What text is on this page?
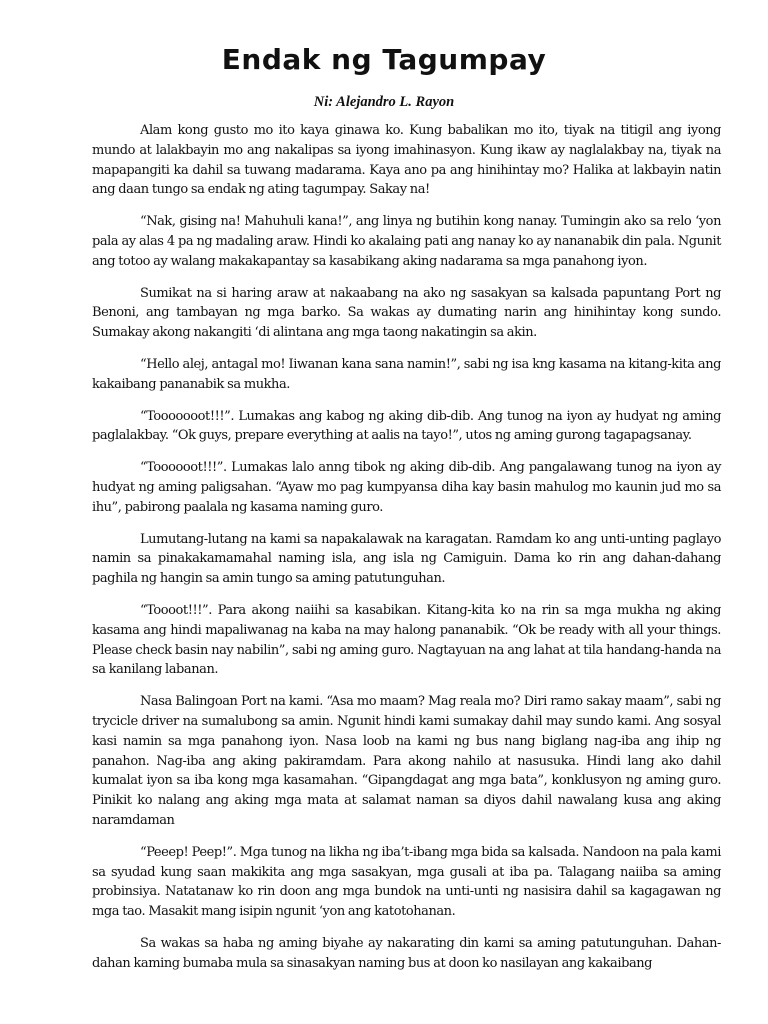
Endak ng Tagumpay

Ni: Alejandro L. Rayon

Alam kong gusto mo ito kaya ginawa ko. Kung babalikan mo ito, tiyak na titigil ang iyong mundo at lalakbayin mo ang nakalipas sa iyong imahinasyon. Kung ikaw ay naglalakbay na, tiyak na mapapangiti ka dahil sa tuwang madarama. Kaya ano pa ang hinihintay mo? Halika at lakbayin natin ang daan tungo sa endak ng ating tagumpay. Sakay na!

“Nak, gising na! Mahuhuli kana!”, ang linya ng butihin kong nanay. Tumingin ako sa relo ‘yon pala ay alas 4 pa ng madaling araw. Hindi ko akalaing pati ang nanay ko ay nananabik din pala. Ngunit ang totoo ay walang makakapantay sa kasabikang aking nadarama sa mga panahong iyon.

Sumikat na si haring araw at nakaabang na ako ng sasakyan sa kalsada papuntang Port ng Benoni, ang tambayan ng mga barko. Sa wakas ay dumating narin ang hinihintay kong sundo. Sumakay akong nakangiti ‘di alintana ang mga taong nakatingin sa akin.

“Hello alej, antagal mo! Iiwanan kana sana namin!”, sabi ng isa kng kasama na kitang-kita ang kakaibang pananabik sa mukha.

“Tooooooot!!!”. Lumakas ang kabog ng aking dib-dib. Ang tunog na iyon ay hudyat ng aming paglalakbay. “Ok guys, prepare everything at aalis na tayo!”, utos ng aming gurong tagapagsanay.

“Toooooot!!!”. Lumakas lalo anng tibok ng aking dib-dib. Ang pangalawang tunog na iyon ay hudyat ng aming paligsahan. “Ayaw mo pag kumpyansa diha kay basin mahulog mo kaunin jud mo sa ihu”, pabirong paalala ng kasama naming guro.

Lumutang-lutang na kami sa napakalawak na karagatan. Ramdam ko ang unti-unting paglayo namin sa pinakakamamahal naming isla, ang isla ng Camiguin. Dama ko rin ang dahan-dahang paghila ng hangin sa amin tungo sa aming patutunguhan.

“Toooot!!!”. Para akong naiihi sa kasabikan. Kitang-kita ko na rin sa mga mukha ng aking kasama ang hindi mapaliwanag na kaba na may halong pananabik. “Ok be ready with all your things. Please check basin nay nabilin”, sabi ng aming guro. Nagtayuan na ang lahat at tila handang-handa na sa kanilang labanan.

Nasa Balingoan Port na kami. “Asa mo maam? Mag reala mo? Diri ramo sakay maam”, sabi ng trycicle driver na sumalubong sa amin. Ngunit hindi kami sumakay dahil may sundo kami. Ang sosyal kasi namin sa mga panahong iyon. Nasa loob na kami ng bus nang biglang nag-iba ang ihip ng panahon. Nag-iba ang aking pakiramdam. Para akong nahilo at nasusuka. Hindi lang ako dahil kumalat iyon sa iba kong mga kasamahan. “Gipangdagat ang mga bata”, konklusyon ng aming guro. Pinikit ko nalang ang aking mga mata at salamat naman sa diyos dahil nawalang kusa ang aking naramdaman

“Peeep! Peep!”. Mga tunog na likha ng iba’t-ibang mga bida sa kalsada. Nandoon na pala kami sa syudad kung saan makikita ang mga sasakyan, mga gusali at iba pa. Talagang naiiba sa aming probinsiya. Natatanaw ko rin doon ang mga bundok na unti-unti ng nasisira dahil sa kagagawan ng mga tao. Masakit mang isipin ngunit ‘yon ang katotohanan.

Sa wakas sa haba ng aming biyahe ay nakarating din kami sa aming patutunguhan. Dahan-dahan kaming bumaba mula sa sinasakyan naming bus at doon ko nasilayan ang kakaibang
